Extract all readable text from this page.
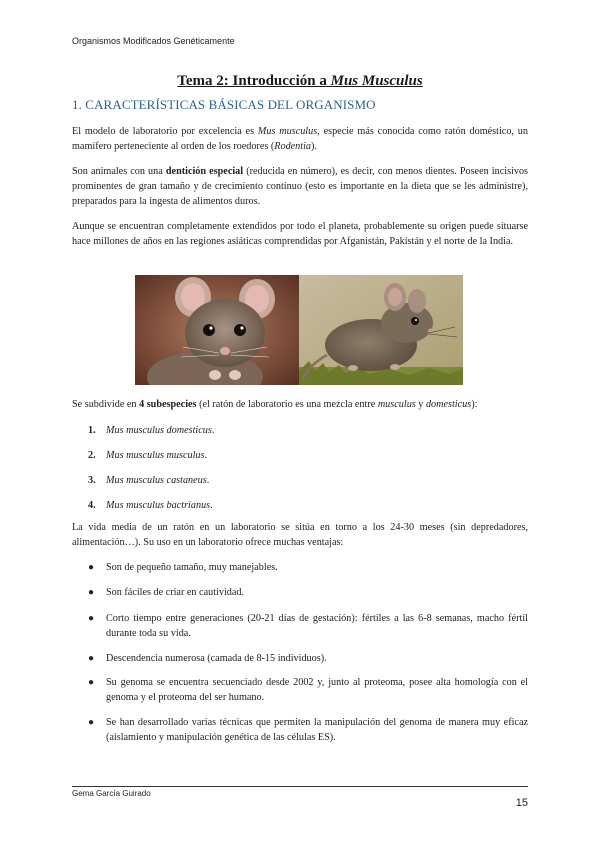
Organismos Modificados Genéticamente
Tema 2: Introducción a Mus Musculus
1. CARACTERÍSTICAS BÁSICAS DEL ORGANISMO

El modelo de laboratorio por excelencia es Mus musculus, especie más conocida como ratón doméstico, un mamífero perteneciente al orden de los roedores (Rodentia).

Son animales con una dentición especial (reducida en número), es decir, con menos dientes. Poseen incisivos prominentes de gran tamaño y de crecimiento continuo (esto es importante en la dieta que se les administre), preparados para la ingesta de alimentos duros.

Aunque se encuentran completamente extendidos por todo el planeta, probablemente su origen puede situarse hace millones de años en las regiones asiáticas comprendidas por Afganistán, Pakistán y el norte de la India.

Se subdivide en 4 subespecies (el ratón de laboratorio es una mezcla entre musculus y domesticus):

1. Mus musculus domesticus.
2. Mus musculus musculus.
3. Mus musculus castaneus.
4. Mus musculus bactrianus.

La vida media de un ratón en un laboratorio se sitúa en torno a los 24-30 meses (sin depredadores, alimentación…). Su uso en un laboratorio ofrece muchas ventajas:

● Son de pequeño tamaño, muy manejables.
● Son fáciles de criar en cautividad.
● Corto tiempo entre generaciones (20-21 días de gestación): fértiles a las 6-8 semanas, macho fértil durante toda su vida.
● Descendencia numerosa (camada de 8-15 individuos).
● Su genoma se encuentra secuenciado desde 2002 y, junto al proteoma, posee alta homología con el genoma y el proteoma del ser humano.
● Se han desarrollado varias técnicas que permiten la manipulación del genoma de manera muy eficaz (aislamiento y manipulación genética de las células ES).
Gema García Guirado
15
